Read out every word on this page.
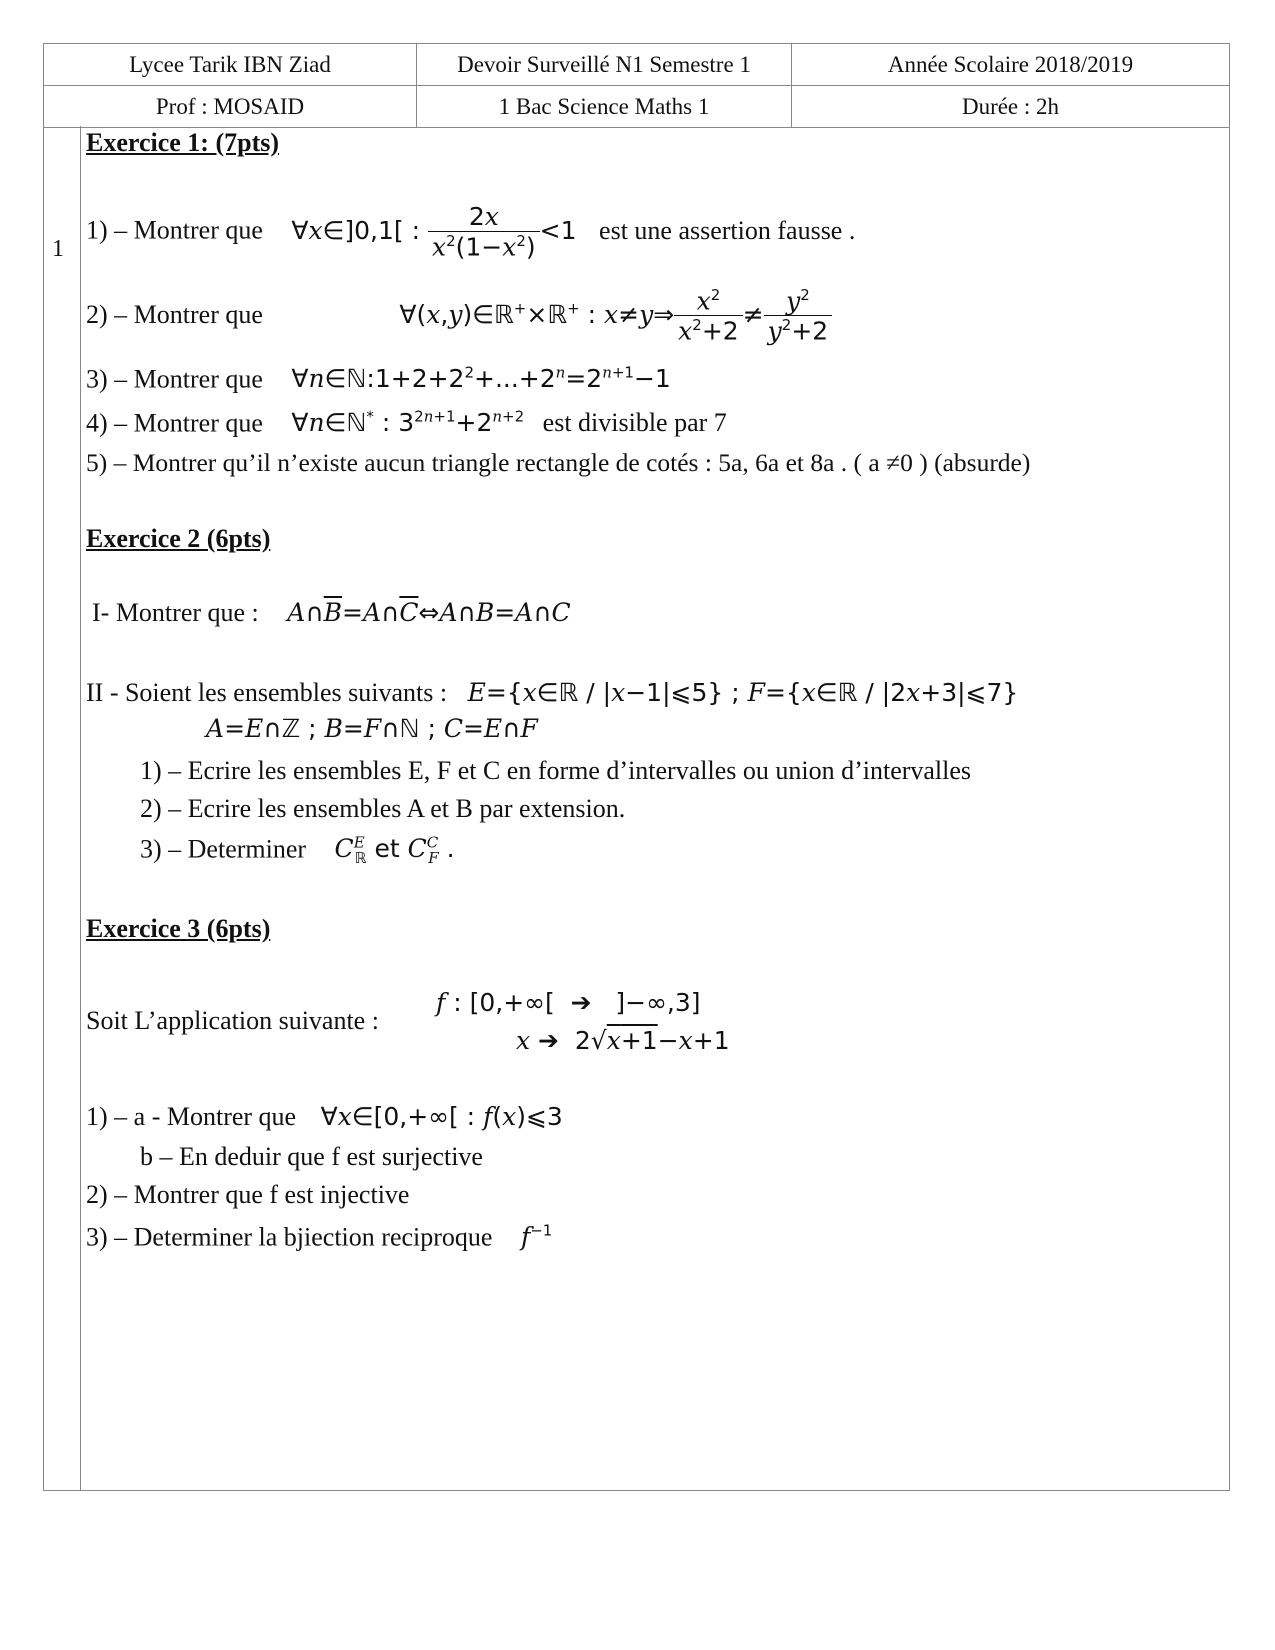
Lycee Tarik IBN Ziad	Devoir Surveillé N1 Semestre 1	Année Scolaire 2018/2019
Prof : MOSAID	1 Bac Science Maths 1	Durée : 2h
1
Exercice 1: (7pts)
1) – Montrer que ∀x∈]0,1[ : $\frac{2x}{x^2(1-x^2)} <1$ est une assertion fausse .
2) – Montrer que	∀(x,y)∈ℝ+×ℝ+ : x≠y⇒ $\frac{x^2}{x^2+2} \ne \frac{y^2}{y^2+2}$
3) – Montrer que $\forall n\in ℕ:1+2+2^2+...+2^n=2^{n+1}-1$
4) – Montrer que ∀n∈ℕ* : $3^{2n+1}+2^{n+2}$ est divisible par 7
5) – Montrer qu’il n’existe aucun triangle rectangle de cotés : 5a, 6a et 8a . ( a ≠0 ) (absurde)
Exercice 2 (6pts)
I- Montrer que : $A\cap\overline{B}=A\cap\overline{C}\Leftrightarrow A\cap B=A\cap C$
II - Soient les ensembles suivants : E={x∈ℝ / |x−1|⩽5} ; F={x∈ℝ / |2x+3|⩽7}
A=E∩ℤ ; B=F∩ℕ ; C=E∩F
1) – Ecrire les ensembles E, F et C en forme d’intervalles ou union d’intervalles
2) – Ecrire les ensembles A et B par extension.
3) – Determiner $C^E_ℝ$ et $C^C_F$ .
Exercice 3 (6pts)
Soit L’application suivante :
f : [0,+∞[  ➔   ]−∞,3]
x ➔  2√x+1−x+1
1) – a - Montrer que ∀x∈[0,+∞[ : f(x)⩽3
b – En deduir que f est surjective
2) – Montrer que f est injective
3) – Determiner la bjiection reciproque $f^{-1}$
